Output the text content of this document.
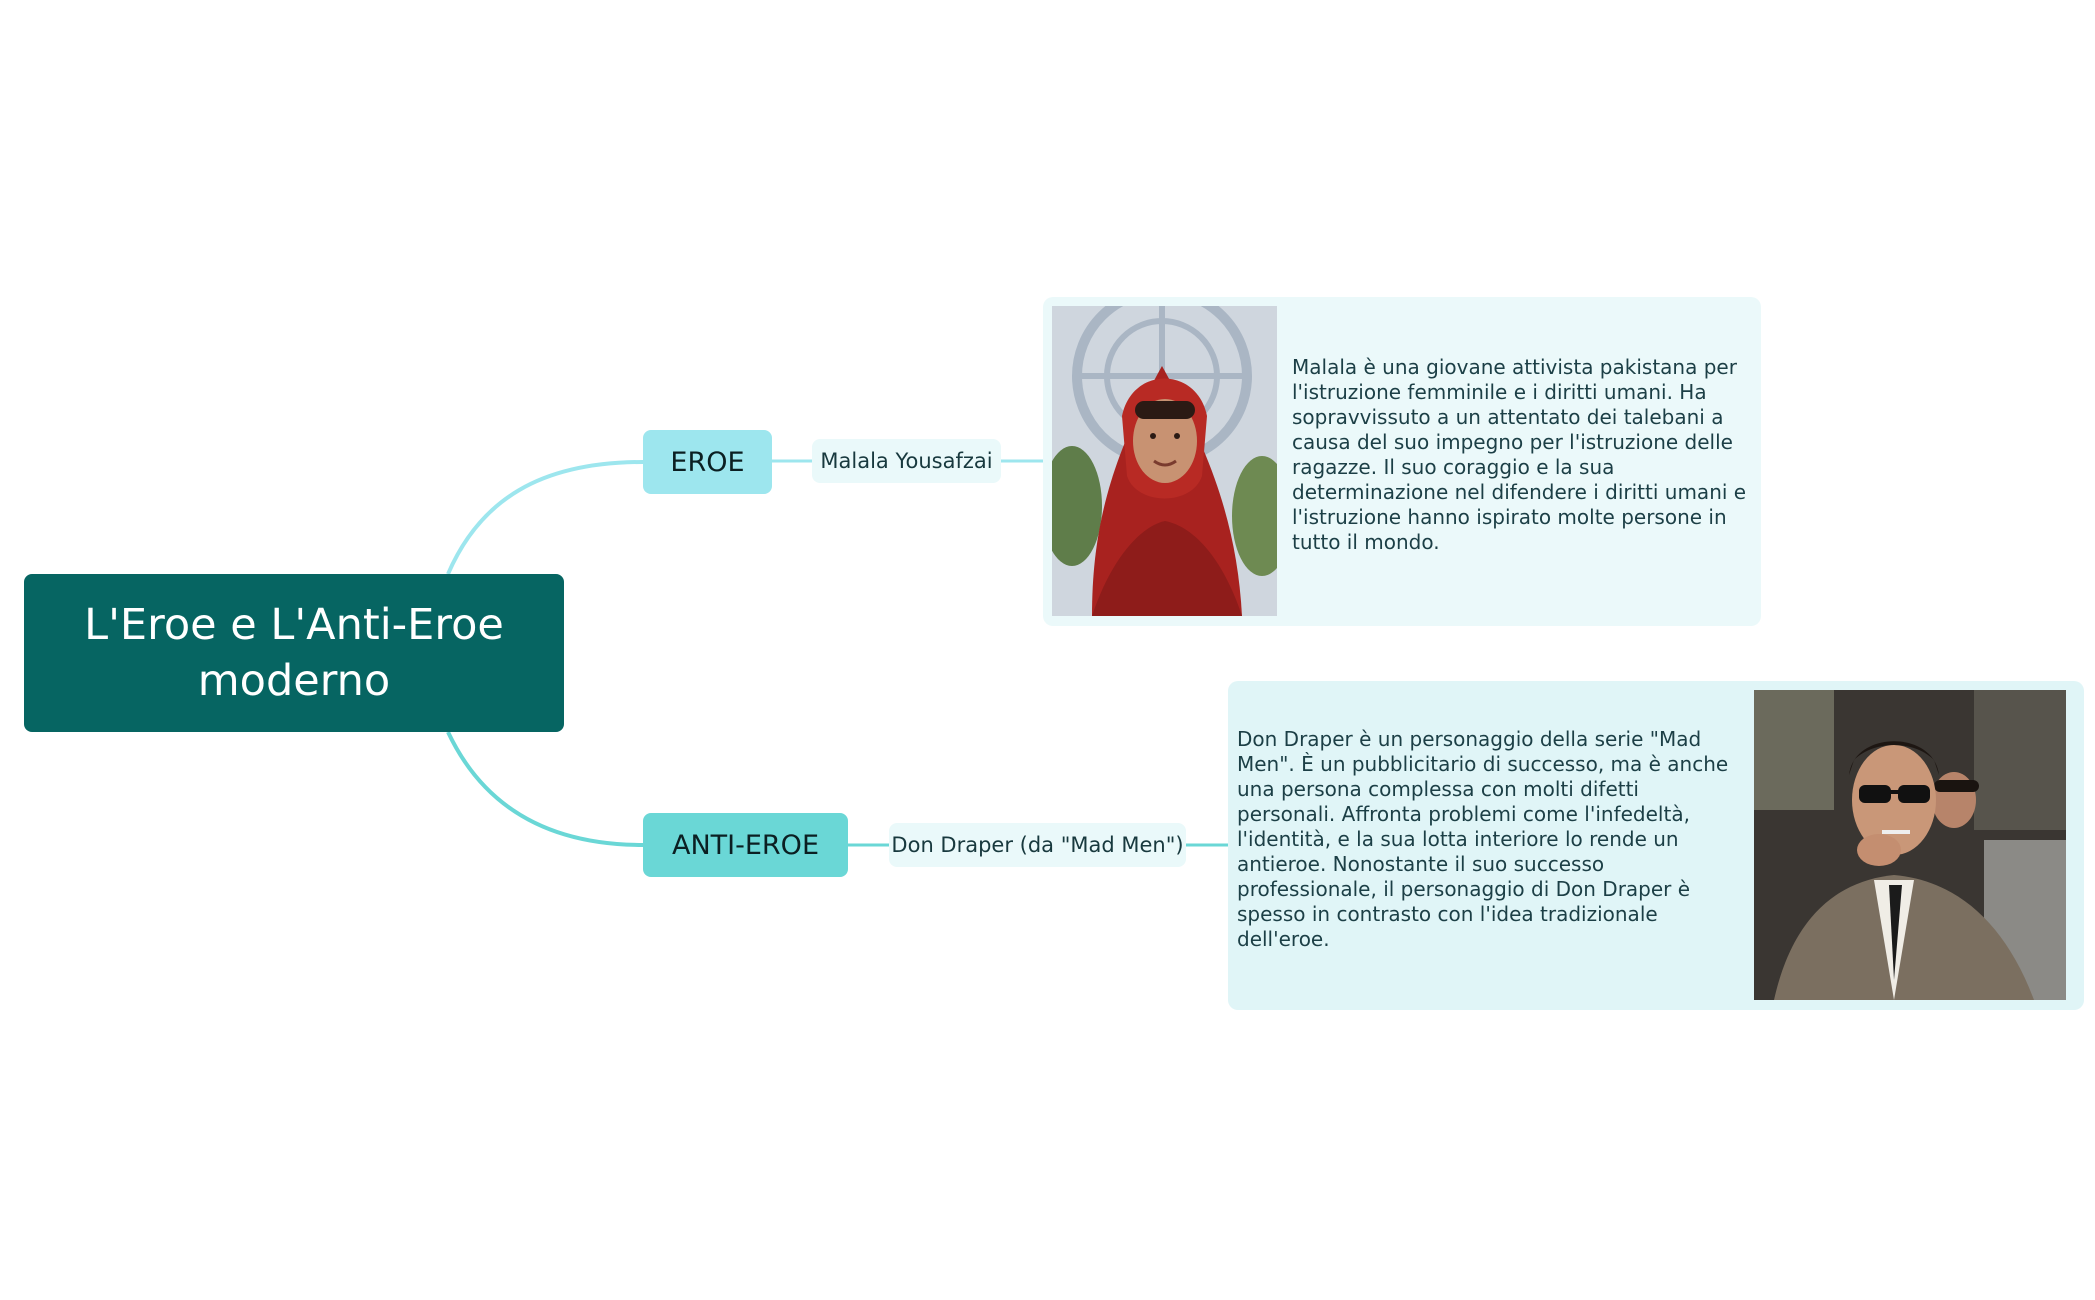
L'Eroe e L'Anti-Eroe moderno
EROE
ANTI-EROE
Malala Yousafzai
Don Draper (da "Mad Men")
Malala è una giovane attivista pakistana per l'istruzione femminile e i diritti umani. Ha sopravvissuto a un attentato dei talebani a causa del suo impegno per l'istruzione delle ragazze. Il suo coraggio e la sua determinazione nel difendere i diritti umani e l'istruzione hanno ispirato molte persone in tutto il mondo.
Don Draper è un personaggio della serie "Mad Men". È un pubblicitario di successo, ma è anche una persona complessa con molti difetti personali. Affronta problemi come l'infedeltà, l'identità, e la sua lotta interiore lo rende un antieroe. Nonostante il suo successo professionale, il personaggio di Don Draper è spesso in contrasto con l'idea tradizionale dell'eroe.
